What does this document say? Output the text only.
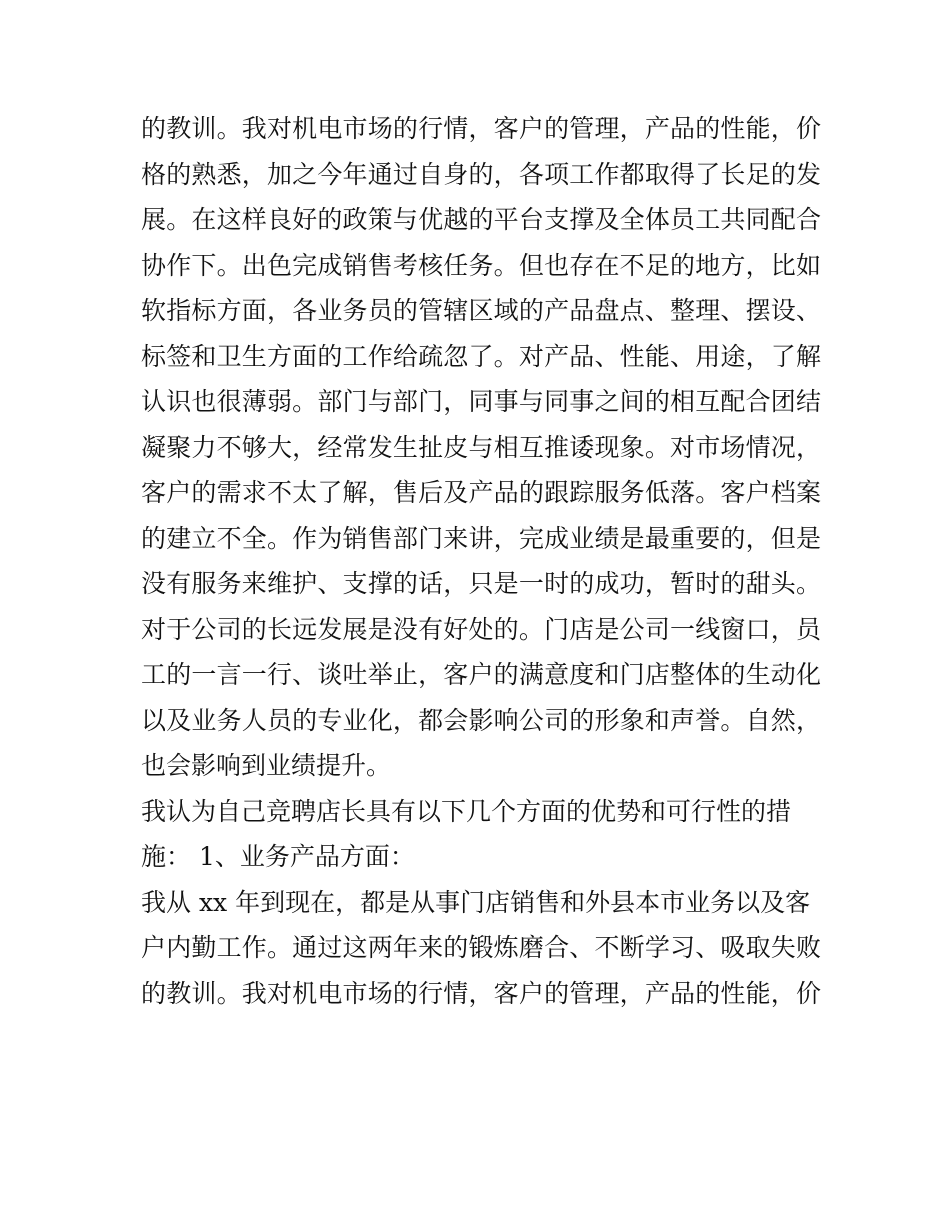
的教训。我对机电市场的行情，客户的管理，产品的性能，价
格的熟悉，加之今年通过自身的，各项工作都取得了长足的发
展。在这样良好的政策与优越的平台支撑及全体员工共同配合
协作下。出色完成销售考核任务。但也存在不足的地方，比如
软指标方面，各业务员的管辖区域的产品盘点、整理、摆设、
标签和卫生方面的工作给疏忽了。对产品、性能、用途，了解
认识也很薄弱。部门与部门，同事与同事之间的相互配合团结
凝聚力不够大，经常发生扯皮与相互推诿现象。对市场情况，
客户的需求不太了解，售后及产品的跟踪服务低落。客户档案
的建立不全。作为销售部门来讲，完成业绩是最重要的，但是
没有服务来维护、支撑的话，只是一时的成功，暂时的甜头。
对于公司的长远发展是没有好处的。门店是公司一线窗口，员
工的一言一行、谈吐举止，客户的满意度和门店整体的生动化
以及业务人员的专业化，都会影响公司的形象和声誉。自然，
也会影响到业绩提升。
我认为自己竞聘店长具有以下几个方面的优势和可行性的措
施： 1、业务产品方面：
我从 xx 年到现在，都是从事门店销售和外县本市业务以及客
户内勤工作。通过这两年来的锻炼磨合、不断学习、吸取失败
的教训。我对机电市场的行情，客户的管理，产品的性能，价
